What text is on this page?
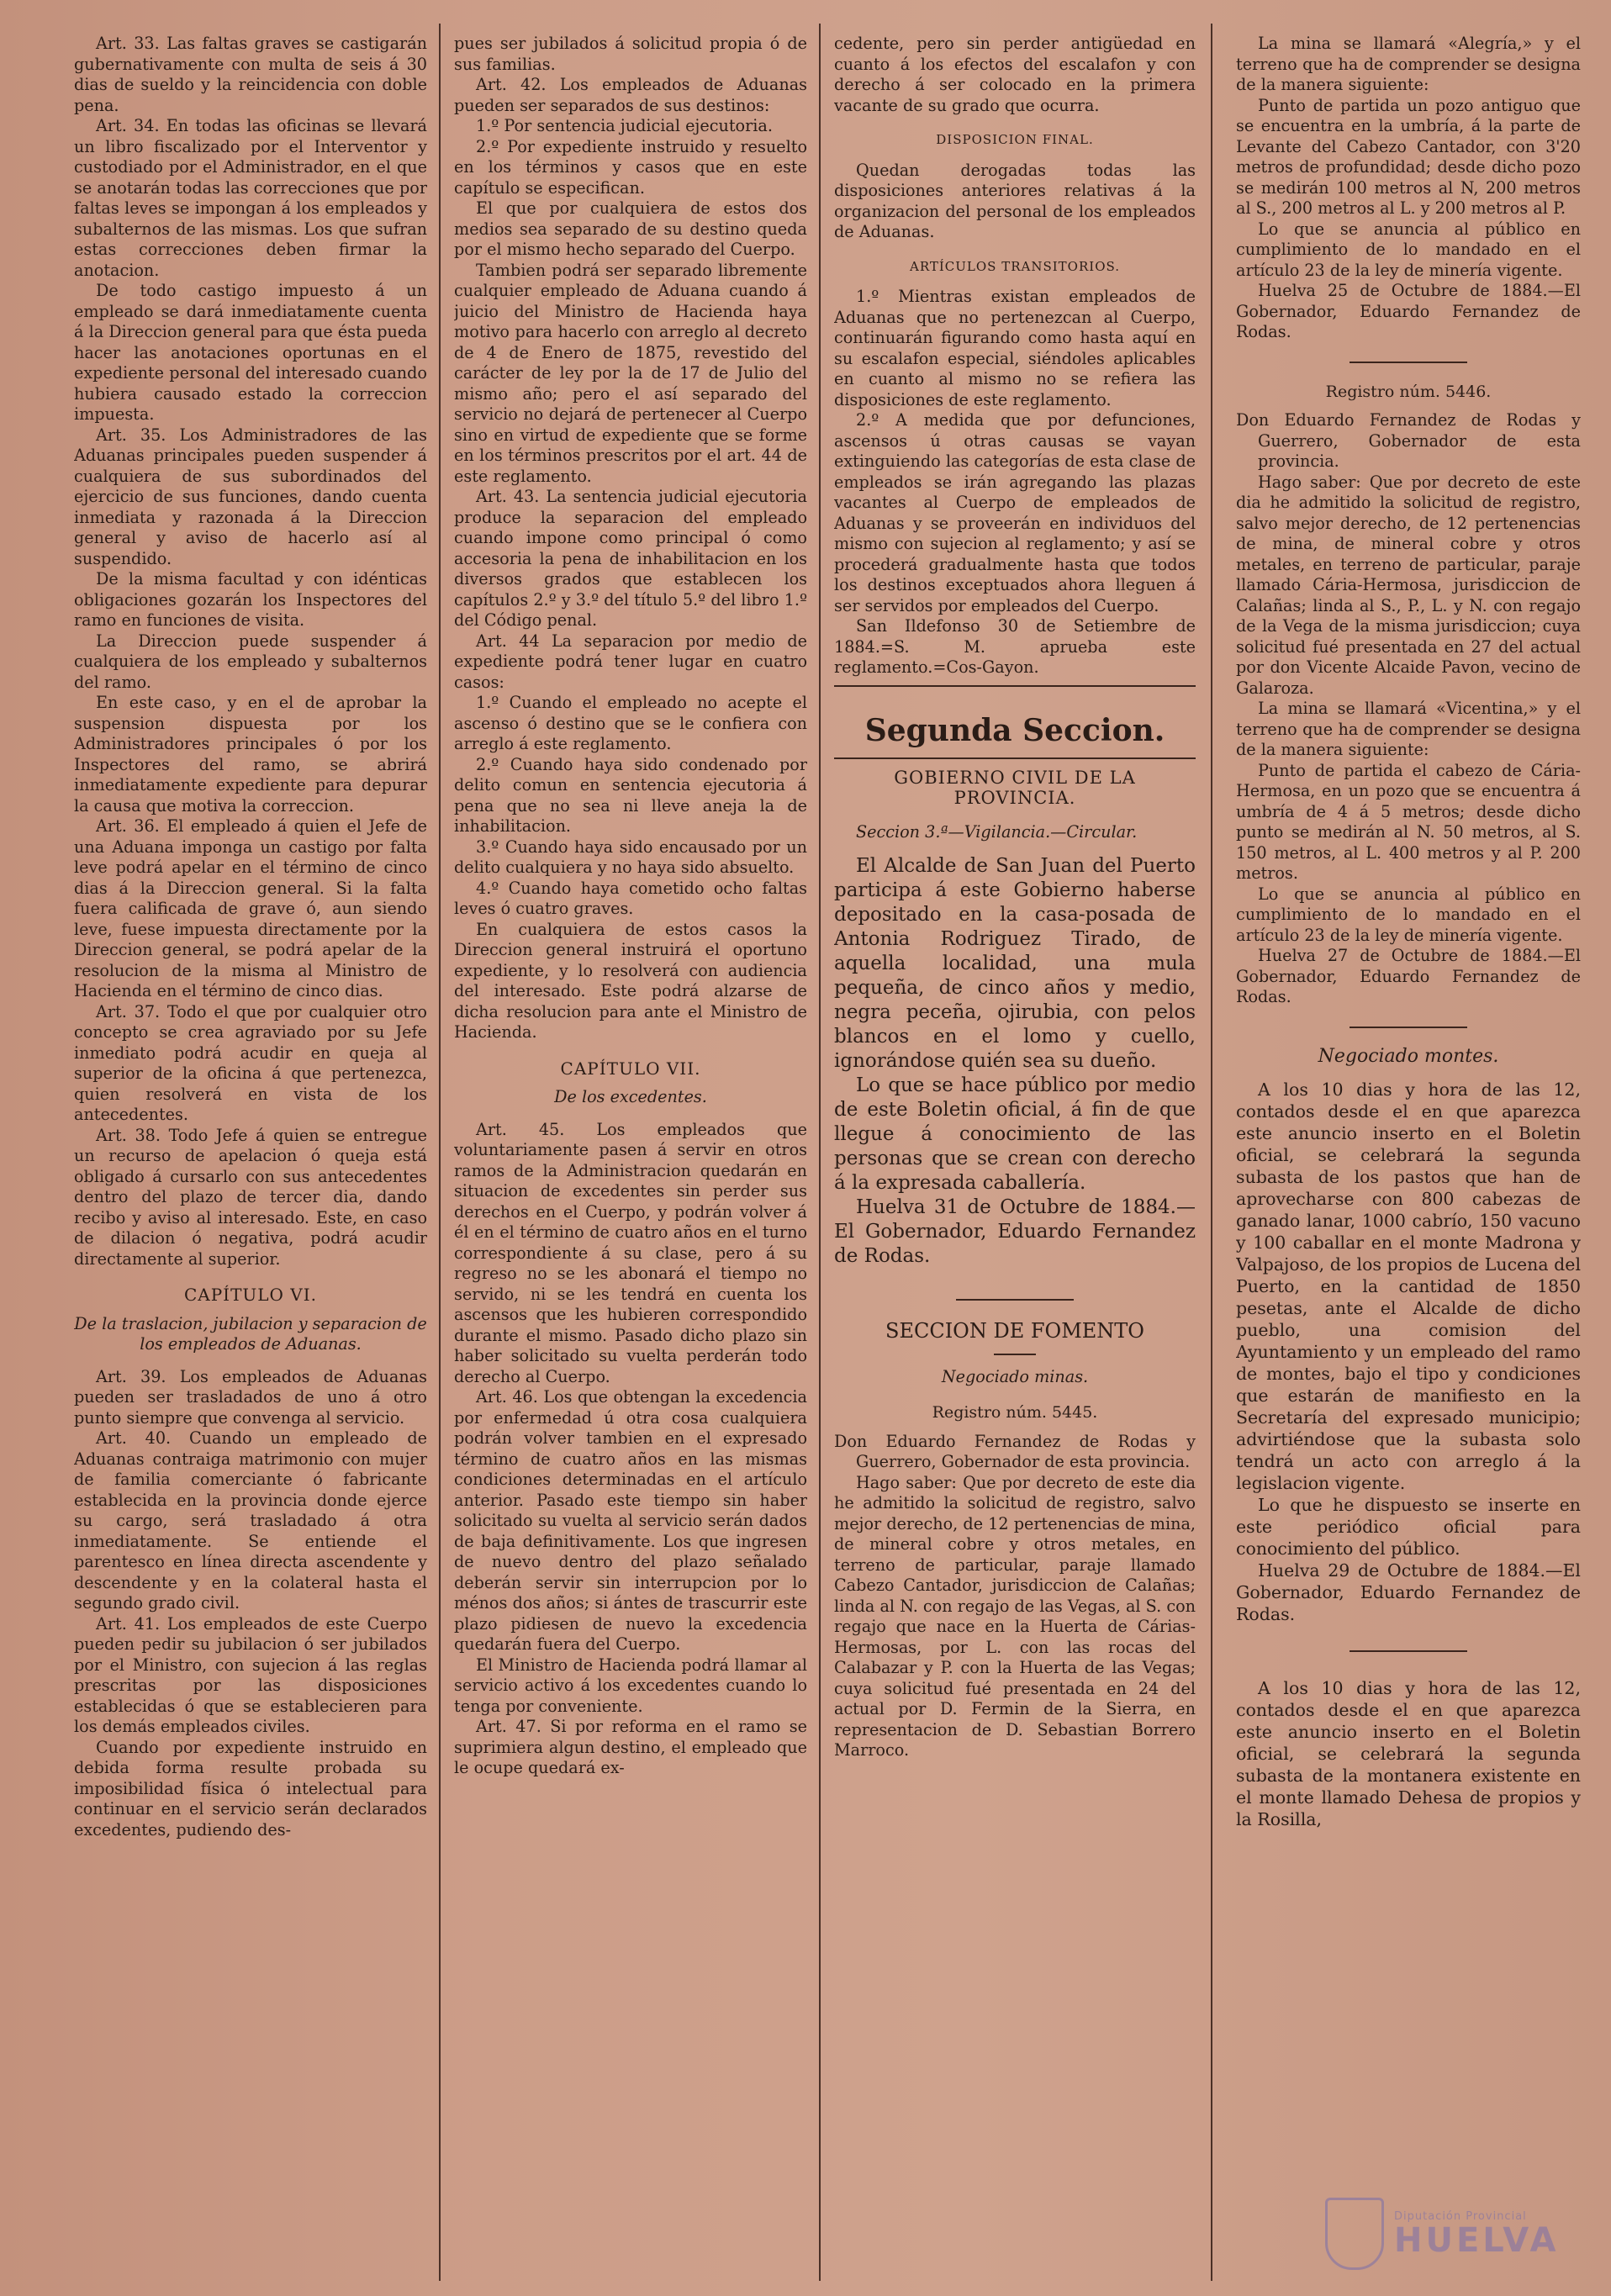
Art. 33. Las faltas graves se castigarán gubernativamente con multa de seis á 30 dias de sueldo y la reincidencia con doble pena.

Art. 34. En todas las oficinas se llevará un libro fiscalizado por el Interventor y custodiado por el Administrador, en el que se anotarán todas las correcciones que por faltas leves se impongan á los empleados y subalternos de las mismas. Los que sufran estas correcciones deben firmar la anotacion.

De todo castigo impuesto á un empleado se dará inmediatamente cuenta á la Direccion general para que ésta pueda hacer las anotaciones oportunas en el expediente personal del interesado cuando hubiera causado estado la correccion impuesta.

Art. 35. Los Administradores de las Aduanas principales pueden suspender á cualquiera de sus subordinados del ejercicio de sus funciones, dando cuenta inmediata y razonada á la Direccion general y aviso de hacerlo así al suspendido.

De la misma facultad y con idénticas obligaciones gozarán los Inspectores del ramo en funciones de visita.

La Direccion puede suspender á cualquiera de los empleado y subalternos del ramo.

En este caso, y en el de aprobar la suspension dispuesta por los Administradores principales ó por los Inspectores del ramo, se abrirá inmediatamente expediente para depurar la causa que motiva la correccion.

Art. 36. El empleado á quien el Jefe de una Aduana imponga un castigo por falta leve podrá apelar en el término de cinco dias á la Direccion general. Si la falta fuera calificada de grave ó, aun siendo leve, fuese impuesta directamente por la Direccion general, se podrá apelar de la resolucion de la misma al Ministro de Hacienda en el término de cinco dias.

Art. 37. Todo el que por cualquier otro concepto se crea agraviado por su Jefe inmediato podrá acudir en queja al superior de la oficina á que pertenezca, quien resolverá en vista de los antecedentes.

Art. 38. Todo Jefe á quien se entregue un recurso de apelacion ó queja está obligado á cursarlo con sus antecedentes dentro del plazo de tercer dia, dando recibo y aviso al interesado. Este, en caso de dilacion ó negativa, podrá acudir directamente al superior.

CAPÍTULO VI.

De la traslacion, jubilacion y separacion de los empleados de Aduanas.

Art. 39. Los empleados de Aduanas pueden ser trasladados de uno á otro punto siempre que convenga al servicio.

Art. 40. Cuando un empleado de Aduanas contraiga matrimonio con mujer de familia comerciante ó fabricante establecida en la provincia donde ejerce su cargo, será trasladado á otra inmediatamente. Se entiende el parentesco en línea directa ascendente y descendente y en la colateral hasta el segundo grado civil.

Art. 41. Los empleados de este Cuerpo pueden pedir su jubilacion ó ser jubilados por el Ministro, con sujecion á las reglas prescritas por las disposiciones establecidas ó que se establecieren para los demás empleados civiles.

Cuando por expediente instruido en debida forma resulte probada su imposibilidad física ó intelectual para continuar en el servicio serán declarados excedentes, pudiendo des-

pues ser jubilados á solicitud propia ó de sus familias.

Art. 42. Los empleados de Aduanas pueden ser separados de sus destinos:

1.º Por sentencia judicial ejecutoria.

2.º Por expediente instruido y resuelto en los términos y casos que en este capítulo se especifican.

El que por cualquiera de estos dos medios sea separado de su destino queda por el mismo hecho separado del Cuerpo.

Tambien podrá ser separado libremente cualquier empleado de Aduana cuando á juicio del Ministro de Hacienda haya motivo para hacerlo con arreglo al decreto de 4 de Enero de 1875, revestido del carácter de ley por la de 17 de Julio del mismo año; pero el así separado del servicio no dejará de pertenecer al Cuerpo sino en virtud de expediente que se forme en los términos prescritos por el art. 44 de este reglamento.

Art. 43. La sentencia judicial ejecutoria produce la separacion del empleado cuando impone como principal ó como accesoria la pena de inhabilitacion en los diversos grados que establecen los capítulos 2.º y 3.º del título 5.º del libro 1.º del Código penal.

Art. 44 La separacion por medio de expediente podrá tener lugar en cuatro casos:

1.º Cuando el empleado no acepte el ascenso ó destino que se le confiera con arreglo á este reglamento.

2.º Cuando haya sido condenado por delito comun en sentencia ejecutoria á pena que no sea ni lleve aneja la de inhabilitacion.

3.º Cuando haya sido encausado por un delito cualquiera y no haya sido absuelto.

4.º Cuando haya cometido ocho faltas leves ó cuatro graves.

En cualquiera de estos casos la Direccion general instruirá el oportuno expediente, y lo resolverá con audiencia del interesado. Este podrá alzarse de dicha resolucion para ante el Ministro de Hacienda.

CAPÍTULO VII.

De los excedentes.

Art. 45. Los empleados que voluntariamente pasen á servir en otros ramos de la Administracion quedarán en situacion de excedentes sin perder sus derechos en el Cuerpo, y podrán volver á él en el término de cuatro años en el turno correspondiente á su clase, pero á su regreso no se les abonará el tiempo no servido, ni se les tendrá en cuenta los ascensos que les hubieren correspondido durante el mismo. Pasado dicho plazo sin haber solicitado su vuelta perderán todo derecho al Cuerpo.

Art. 46. Los que obtengan la excedencia por enfermedad ú otra cosa cualquiera podrán volver tambien en el expresado término de cuatro años en las mismas condiciones determinadas en el artículo anterior. Pasado este tiempo sin haber solicitado su vuelta al servicio serán dados de baja definitivamente. Los que ingresen de nuevo dentro del plazo señalado deberán servir sin interrupcion por lo ménos dos años; si ántes de trascurrir este plazo pidiesen de nuevo la excedencia quedarán fuera del Cuerpo.

El Ministro de Hacienda podrá llamar al servicio activo á los excedentes cuando lo tenga por conveniente.

Art. 47. Si por reforma en el ramo se suprimiera algun destino, el empleado que le ocupe quedará ex-

cedente, pero sin perder antigüedad en cuanto á los efectos del escalafon y con derecho á ser colocado en la primera vacante de su grado que ocurra.

DISPOSICION FINAL.

Quedan derogadas todas las disposiciones anteriores relativas á la organizacion del personal de los empleados de Aduanas.

ARTÍCULOS TRANSITORIOS.

1.º Mientras existan empleados de Aduanas que no pertenezcan al Cuerpo, continuarán figurando como hasta aquí en su escalafon especial, siéndoles aplicables en cuanto al mismo no se refiera las disposiciones de este reglamento.

2.º A medida que por defunciones, ascensos ú otras causas se vayan extinguiendo las categorías de esta clase de empleados se irán agregando las plazas vacantes al Cuerpo de empleados de Aduanas y se proveerán en individuos del mismo con sujecion al reglamento; y así se procederá gradualmente hasta que todos los destinos exceptuados ahora lleguen á ser servidos por empleados del Cuerpo.

San Ildefonso 30 de Setiembre de 1884.=S. M. aprueba este reglamento.=Cos-Gayon.

Segunda Seccion.

GOBIERNO CIVIL DE LA PROVINCIA.

Seccion 3.ª—Vigilancia.—Circular.

El Alcalde de San Juan del Puerto participa á este Gobierno haberse depositado en la casa-posada de Antonia Rodriguez Tirado, de aquella localidad, una mula pequeña, de cinco años y medio, negra peceña, ojirubia, con pelos blancos en el lomo y cuello, ignorándose quién sea su dueño.

Lo que se hace público por medio de este Boletin oficial, á fin de que llegue á conocimiento de las personas que se crean con derecho á la expresada caballería.

Huelva 31 de Octubre de 1884.—El Gobernador, Eduardo Fernandez de Rodas.

SECCION DE FOMENTO

Negociado minas.

Registro núm. 5445.

Don Eduardo Fernandez de Rodas y Guerrero, Gobernador de esta provincia.

Hago saber: Que por decreto de este dia he admitido la solicitud de registro, salvo mejor derecho, de 12 pertenencias de mina, de mineral cobre y otros metales, en terreno de particular, paraje llamado Cabezo Cantador, jurisdiccion de Calañas; linda al N. con regajo de las Vegas, al S. con regajo que nace en la Huerta de Cárias-Hermosas, por L. con las rocas del Calabazar y P. con la Huerta de las Vegas; cuya solicitud fué presentada en 24 del actual por D. Fermin de la Sierra, en representacion de D. Sebastian Borrero Marroco.

La mina se llamará «Alegría,» y el terreno que ha de comprender se designa de la manera siguiente:

Punto de partida un pozo antiguo que se encuentra en la umbría, á la parte de Levante del Cabezo Cantador, con 3'20 metros de profundidad; desde dicho pozo se medirán 100 metros al N, 200 metros al S., 200 metros al L. y 200 metros al P.

Lo que se anuncia al público en cumplimiento de lo mandado en el artículo 23 de la ley de minería vigente.

Huelva 25 de Octubre de 1884.—El Gobernador, Eduardo Fernandez de Rodas.

Registro núm. 5446.

Don Eduardo Fernandez de Rodas y Guerrero, Gobernador de esta provincia.

Hago saber: Que por decreto de este dia he admitido la solicitud de registro, salvo mejor derecho, de 12 pertenencias de mina, de mineral cobre y otros metales, en terreno de particular, paraje llamado Cária-Hermosa, jurisdiccion de Calañas; linda al S., P., L. y N. con regajo de la Vega de la misma jurisdiccion; cuya solicitud fué presentada en 27 del actual por don Vicente Alcaide Pavon, vecino de Galaroza.

La mina se llamará «Vicentina,» y el terreno que ha de comprender se designa de la manera siguiente:

Punto de partida el cabezo de Cária-Hermosa, en un pozo que se encuentra á umbría de 4 á 5 metros; desde dicho punto se medirán al N. 50 metros, al S. 150 metros, al L. 400 metros y al P. 200 metros.

Lo que se anuncia al público en cumplimiento de lo mandado en el artículo 23 de la ley de minería vigente.

Huelva 27 de Octubre de 1884.—El Gobernador, Eduardo Fernandez de Rodas.

Negociado montes.

A los 10 dias y hora de las 12, contados desde el en que aparezca este anuncio inserto en el Boletin oficial, se celebrará la segunda subasta de los pastos que han de aprovecharse con 800 cabezas de ganado lanar, 1000 cabrío, 150 vacuno y 100 caballar en el monte Madrona y Valpajoso, de los propios de Lucena del Puerto, en la cantidad de 1850 pesetas, ante el Alcalde de dicho pueblo, una comision del Ayuntamiento y un empleado del ramo de montes, bajo el tipo y condiciones que estarán de manifiesto en la Secretaría del expresado municipio; advirtiéndose que la subasta solo tendrá un acto con arreglo á la legislacion vigente.

Lo que he dispuesto se inserte en este periódico oficial para conocimiento del público.

Huelva 29 de Octubre de 1884.—El Gobernador, Eduardo Fernandez de Rodas.

A los 10 dias y hora de las 12, contados desde el en que aparezca este anuncio inserto en el Boletin oficial, se celebrará la segunda subasta de la montanera existente en el monte llamado Dehesa de propios y la Rosilla,

Diputación Provincial
HUELVA
